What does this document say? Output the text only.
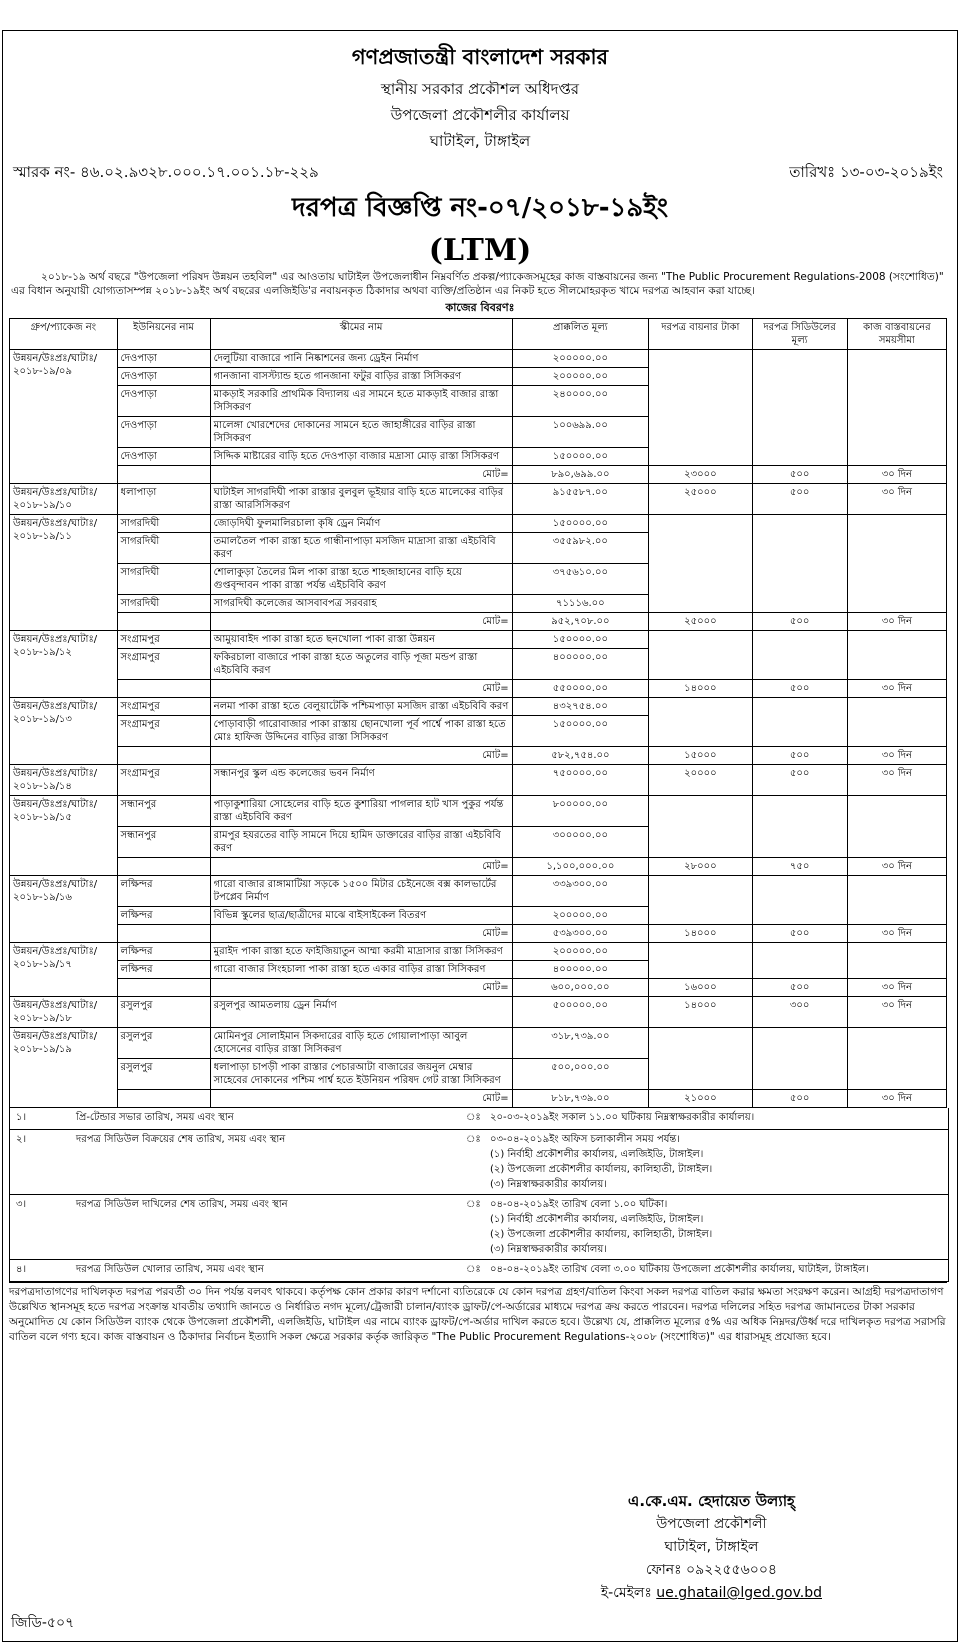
গণপ্রজাতন্ত্রী বাংলাদেশ সরকার
স্থানীয় সরকার প্রকৌশল অধিদপ্তর
উপজেলা প্রকৌশলীর কার্যালয়
ঘাটাইল, টাঙ্গাইল
স্মারক নং- ৪৬.০২.৯৩২৮.০০০.১৭.০০১.১৮-২২৯	তারিখঃ ১৩-০৩-২০১৯ইং
দরপত্র বিজ্ঞপ্তি নং-০৭/২০১৮-১৯ইং
(LTM)
২০১৮-১৯ অর্থ বছরে "উপজেলা পরিষদ উন্নয়ন তহবিল" এর আওতায় ঘাটাইল উপজেলাধীন নিম্নবর্ণিত প্রকল্প/প্যাকেজসমূহের কাজ বাস্তবায়নের জন্য "The Public Procurement Regulations-2008 (সংশোধিত)" এর বিধান অনুযায়ী যোগ্যতাসম্পন্ন ২০১৮-১৯ইং অর্থ বছরের এলজিইডি'র নবায়নকৃত ঠিকাদার অথবা ব্যক্তি/প্রতিষ্ঠান এর নিকট হতে সীলমোহরকৃত খামে দরপত্র আহবান করা যাচ্ছে।
কাজের বিবরণঃ
গ্রুপ/প্যাকেজ নং	ইউনিয়নের নাম	স্কীমের নাম	প্রাক্কলিত মূল্য	দরপত্র বায়নার টাকা	দরপত্র সিডিউলের মূল্য	কাজ বাস্তবায়নের সময়সীমা
উন্নয়ন/উঃপ্রঃ/ঘাটাঃ/ ২০১৮-১৯/০৯	দেওপাড়া	দেলুটিয়া বাজারে পানি নিষ্কাশনের জন্য ড্রেইন নির্মাণ	২০০০০০.০০			
	দেওপাড়া	গানজানা বাসস্ট্যান্ড হতে গানজানা ফটুর বাড়ির রাস্তা সিসিকরণ	২০০০০০.০০			
	দেওপাড়া	মাকড়াই সরকারি প্রাথমিক বিদ্যালয় এর সামনে হতে মাকড়াই বাজার রাস্তা সিসিকরণ	২৪০০০০.০০			
	দেওপাড়া	মালেঙ্গা খোরশেদের দোকানের সামনে হতে জাহাঙ্গীরের বাড়ির রাস্তা সিসিকরণ	১০০৬৯৯.০০			
	দেওপাড়া	সিদ্দিক মাষ্টারের বাড়ি হতে দেওপাড়া বাজার মদ্রাসা মোড় রাস্তা সিসিকরণ	১৫০০০০.০০			
		মোট=	৮৯০,৬৯৯.০০	২৩০০০	৫০০	৩০ দিন
উন্নয়ন/উঃপ্রঃ/ঘাটাঃ/ ২০১৮-১৯/১০	ধলাপাড়া	ঘাটাইল সাগরদিঘী পাকা রাস্তার বুলবুল ভূইয়ার বাড়ি হতে মালেকের বাড়ির রাস্তা আরসিসিকরণ	৯১৫৫৮৭.০০	২৫০০০	৫০০	৩০ দিন
উন্নয়ন/উঃপ্রঃ/ঘাটাঃ/ ২০১৮-১৯/১১	সাগরদিঘী	জোড়দিঘী ফুলমালিরচালা কৃষি ড্রেন নির্মাণ	১৫০০০০.০০			
	সাগরদিঘী	তমালতৈল পাকা রাস্তা হতে গান্ধীনাপাড়া মসজিদ মাদ্রাসা রাস্তা এইচবিবি করণ	৩৫৫৯৮২.০০			
	সাগরদিঘী	শোলাকুড়া তৈলের মিল পাকা রাস্তা হতে শাহজাহানের বাড়ি হয়ে গুপ্তবৃন্দাবন পাকা রাস্তা পর্যন্ত এইচবিবি করণ	৩৭৫৬১০.০০			
	সাগরদিঘী	সাগরদিঘী কলেজের আসবাবপত্র সরবরাহ	৭১১১৬.০০			
		মোট=	৯৫২,৭০৮.০০	২৫০০০	৫০০	৩০ দিন
উন্নয়ন/উঃপ্রঃ/ঘাটাঃ/ ২০১৮-১৯/১২	সংগ্রামপুর	আমুয়াবাইদ পাকা রাস্তা হতে ছনখোলা পাকা রাস্তা উন্নয়ন	১৫০০০০.০০			
	সংগ্রামপুর	ফকিরচালা বাজারে পাকা রাস্তা হতে অতুলের বাড়ি পূজা মন্ডপ রাস্তা এইচবিবি করণ	৪০০০০০.০০			
		মোট=	৫৫০০০০.০০	১৪০০০	৫০০	৩০ দিন
উন্নয়ন/উঃপ্রঃ/ঘাটাঃ/ ২০১৮-১৯/১৩	সংগ্রামপুর	নলমা পাকা রাস্তা হতে বেলুয়াটেকি পশ্চিমপাড়া মসজিদ রাস্তা এইচবিবি করণ	৪৩২৭৫৪.০০			
	সংগ্রামপুর	পোড়াবাড়ী গারোবাজার পাকা রাস্তায় ছোনখোলা পূর্ব পার্শ্বে পাকা রাস্তা হতে মোঃ হাফিজ উদ্দিনের বাড়ির রাস্তা সিসিকরণ	১৫০০০০.০০			
		মোট=	৫৮২,৭৫৪.০০	১৫০০০	৫০০	৩০ দিন
উন্নয়ন/উঃপ্রঃ/ঘাটাঃ/ ২০১৮-১৯/১৪	সংগ্রামপুর	সন্ধানপুর স্কুল এন্ড কলেজের ভবন নির্মাণ	৭৫০০০০.০০	২০০০০	৫০০	৩০ দিন
উন্নয়ন/উঃপ্রঃ/ঘাটাঃ/ ২০১৮-১৯/১৫	সন্ধানপুর	পাড়াকুশারিয়া সোহেলের বাড়ি হতে কুশারিয়া পাগলার হাট খাস পুকুর পর্যন্ত রাস্তা এইচবিবি করণ	৮০০০০০.০০			
	সন্ধানপুর	রামপুর হযরতের বাড়ি সামনে দিয়ে হামিদ ডাক্তারের বাড়ির রাস্তা এইচবিবি করণ	৩০০০০০.০০			
		মোট=	১,১০০,০০০.০০	২৮০০০	৭৫০	৩০ দিন
উন্নয়ন/উঃপ্রঃ/ঘাটাঃ/ ২০১৮-১৯/১৬	লক্ষিন্দর	গারো বাজার রাঙ্গামাটিয়া সড়কে ১৫০০ মিটার চেইনেজে বক্স কালভার্টের টপপ্লেব নির্মাণ	৩৩৯৩০০.০০			
	লক্ষিন্দর	বিভিন্ন স্কুলের ছাত্র/ছাত্রীদের মাঝে বাইসাইকেল বিতরণ	২০০০০০.০০			
		মোট=	৫৩৯৩০০.০০	১৪০০০	৫০০	৩০ দিন
উন্নয়ন/উঃপ্রঃ/ঘাটাঃ/ ২০১৮-১৯/১৭	লক্ষিন্দর	মুরাইদ পাকা রাস্তা হতে ফাইজিয়াতুন আম্মা করমী মাদ্রাসার রাস্তা সিসিকরণ	২০০০০০.০০			
	লক্ষিন্দর	গারো বাজার সিংহচালা পাকা রাস্তা হতে একার বাড়ির রাস্তা সিসিকরণ	৪০০০০০.০০			
		মোট=	৬০০,০০০.০০	১৬০০০	৫০০	৩০ দিন
উন্নয়ন/উঃপ্রঃ/ঘাটাঃ/ ২০১৮-১৯/১৮	রসুলপুর	রসুলপুর আমতলায় ড্রেন নির্মাণ	৫০০০০০.০০	১৪০০০	৩০০	৩০ দিন
উন্নয়ন/উঃপ্রঃ/ঘাটাঃ/ ২০১৮-১৯/১৯	রসুলপুর	মোমিনপুর সোলাইমান সিকদারের বাড়ি হতে গোয়ালাপাড়া আবুল হোসেনের বাড়ির রাস্তা সিসিকরণ	৩১৮,৭৩৯.০০			
	রসুলপুর	ধলাপাড়া চাপড়ী পাকা রাস্তার পেচারআটা বাজারের জয়নুল মেম্বার সাহেবের দোকানের পশ্চিম পার্শ্ব হতে ইউনিয়ন পরিষদ গেট রাস্তা সিসিকরণ	৫০০,০০০.০০			
		মোট=	৮১৮,৭৩৯.০০	২১০০০	৫০০	৩০ দিন
১।	প্রি-টেন্ডার সভার তারিখ, সময় এবং স্থান	ঃ ২০-০৩-২০১৯ইং সকাল ১১.০০ ঘটিকায় নিম্নস্বাক্ষরকারীর কার্যালয়।
২।	দরপত্র সিডিউল বিক্রয়ের শেষ তারিখ, সময় এবং স্থান	ঃ ০৩-০৪-২০১৯ইং অফিস চলাকালীন সময় পর্যন্ত।
(১) নির্বাহী প্রকৌশলীর কার্যালয়, এলজিইডি, টাঙ্গাইল।
(২) উপজেলা প্রকৌশলীর কার্যালয়, কালিহাতী, টাঙ্গাইল।
(৩) নিম্নস্বাক্ষরকারীর কার্যালয়।
৩।	দরপত্র সিডিউল দাখিলের শেষ তারিখ, সময় এবং স্থান	ঃ ০৪-০৪-২০১৯ইং তারিখ বেলা ১.০০ ঘটিকা।
(১) নির্বাহী প্রকৌশলীর কার্যালয়, এলজিইডি, টাঙ্গাইল।
(২) উপজেলা প্রকৌশলীর কার্যালয়, কালিহাতী, টাঙ্গাইল।
(৩) নিম্নস্বাক্ষরকারীর কার্যালয়।
৪।	দরপত্র সিডিউল খোলার তারিখ, সময় এবং স্থান	ঃ ০৪-০৪-২০১৯ইং তারিখ বেলা ৩.০০ ঘটিকায় উপজেলা প্রকৌশলীর কার্যালয়, ঘাটাইল, টাঙ্গাইল।
দরপত্রদাতাগণের দাখিলকৃত দরপত্র পরবর্তী ৩০ দিন পর্যন্ত বলবৎ থাকবে। কর্তৃপক্ষ কোন প্রকার কারণ দর্শানো ব্যতিরেকে যে কোন দরপত্র গ্রহণ/বাতিল কিংবা সকল দরপত্র বাতিল করার ক্ষমতা সংরক্ষণ করেন। আগ্রহী দরপত্রদাতাগণ উল্লেখিত স্থানসমূহ হতে দরপত্র সংক্রান্ত যাবতীয় তথ্যাদি জানতে ও নির্ধারিত নগদ মূল্যে/ট্রেজারী চালান/ব্যাংক ড্রাফট/পে-অর্ডারের মাধ্যমে দরপত্র ক্রয় করতে পারবেন। দরপত্র দলিলের সহিত দরপত্র জামানতের টাকা সরকার অনুমোদিত যে কোন সিডিউল ব্যাংক থেকে উপজেলা প্রকৌশলী, এলজিইডি, ঘাটাইল এর নামে ব্যাংক ড্রাফট/পে-অর্ডার দাখিল করতে হবে। উল্লেখ্য যে, প্রাক্কলিত মূল্যের ৫% এর অধিক নিম্নদর/উর্ধ্ব দরে দাখিলকৃত দরপত্র সরাসরি বাতিল বলে গণ্য হবে। কাজ বাস্তবায়ন ও ঠিকাদার নির্বাচন ইত্যাদি সকল ক্ষেত্রে সরকার কর্তৃক জারিকৃত "The Public Procurement Regulations-২০০৮ (সংশোধিত)" এর ধারাসমূহ প্রযোজ্য হবে।
জিডি-৫০৭
এ.কে.এম. হেদায়েত উল্যাহ্
উপজেলা প্রকৌশলী
ঘাটাইল, টাঙ্গাইল
ফোনঃ ০৯২২৫৫৬০০৪
ই-মেইলঃ ue.ghatail@lged.gov.bd
